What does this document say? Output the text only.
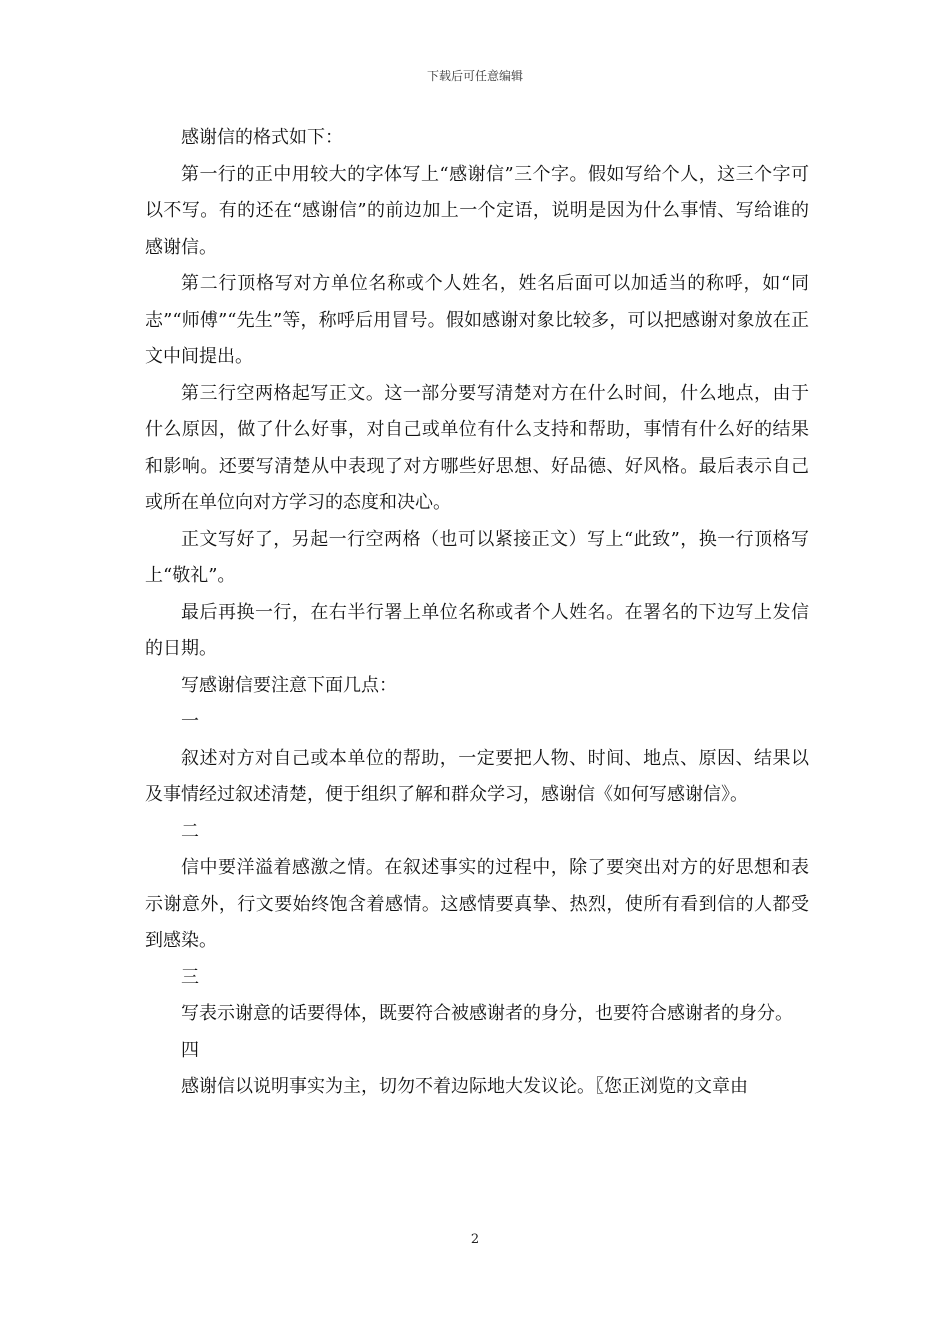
下载后可任意编辑

感谢信的格式如下：

第一行的正中用较大的字体写上“感谢信”三个字。假如写给个人，这三个字可以不写。有的还在“感谢信”的前边加上一个定语，说明是因为什么事情、写给谁的感谢信。

第二行顶格写对方单位名称或个人姓名，姓名后面可以加适当的称呼，如“同志”“师傅”“先生”等，称呼后用冒号。假如感谢对象比较多，可以把感谢对象放在正文中间提出。

第三行空两格起写正文。这一部分要写清楚对方在什么时间，什么地点，由于什么原因，做了什么好事，对自己或单位有什么支持和帮助，事情有什么好的结果和影响。还要写清楚从中表现了对方哪些好思想、好品德、好风格。最后表示自己或所在单位向对方学习的态度和决心。

正文写好了，另起一行空两格（也可以紧接正文）写上“此致”，换一行顶格写上“敬礼”。

最后再换一行，在右半行署上单位名称或者个人姓名。在署名的下边写上发信的日期。

写感谢信要注意下面几点：

一

叙述对方对自己或本单位的帮助，一定要把人物、时间、地点、原因、结果以及事情经过叙述清楚，便于组织了解和群众学习，感谢信《如何写感谢信》。

二

信中要洋溢着感激之情。在叙述事实的过程中，除了要突出对方的好思想和表示谢意外，行文要始终饱含着感情。这感情要真挚、热烈，使所有看到信的人都受到感染。

三

写表示谢意的话要得体，既要符合被感谢者的身分，也要符合感谢者的身分。

四

感谢信以说明事实为主，切勿不着边际地大发议论。〖您正浏览的文章由

2
